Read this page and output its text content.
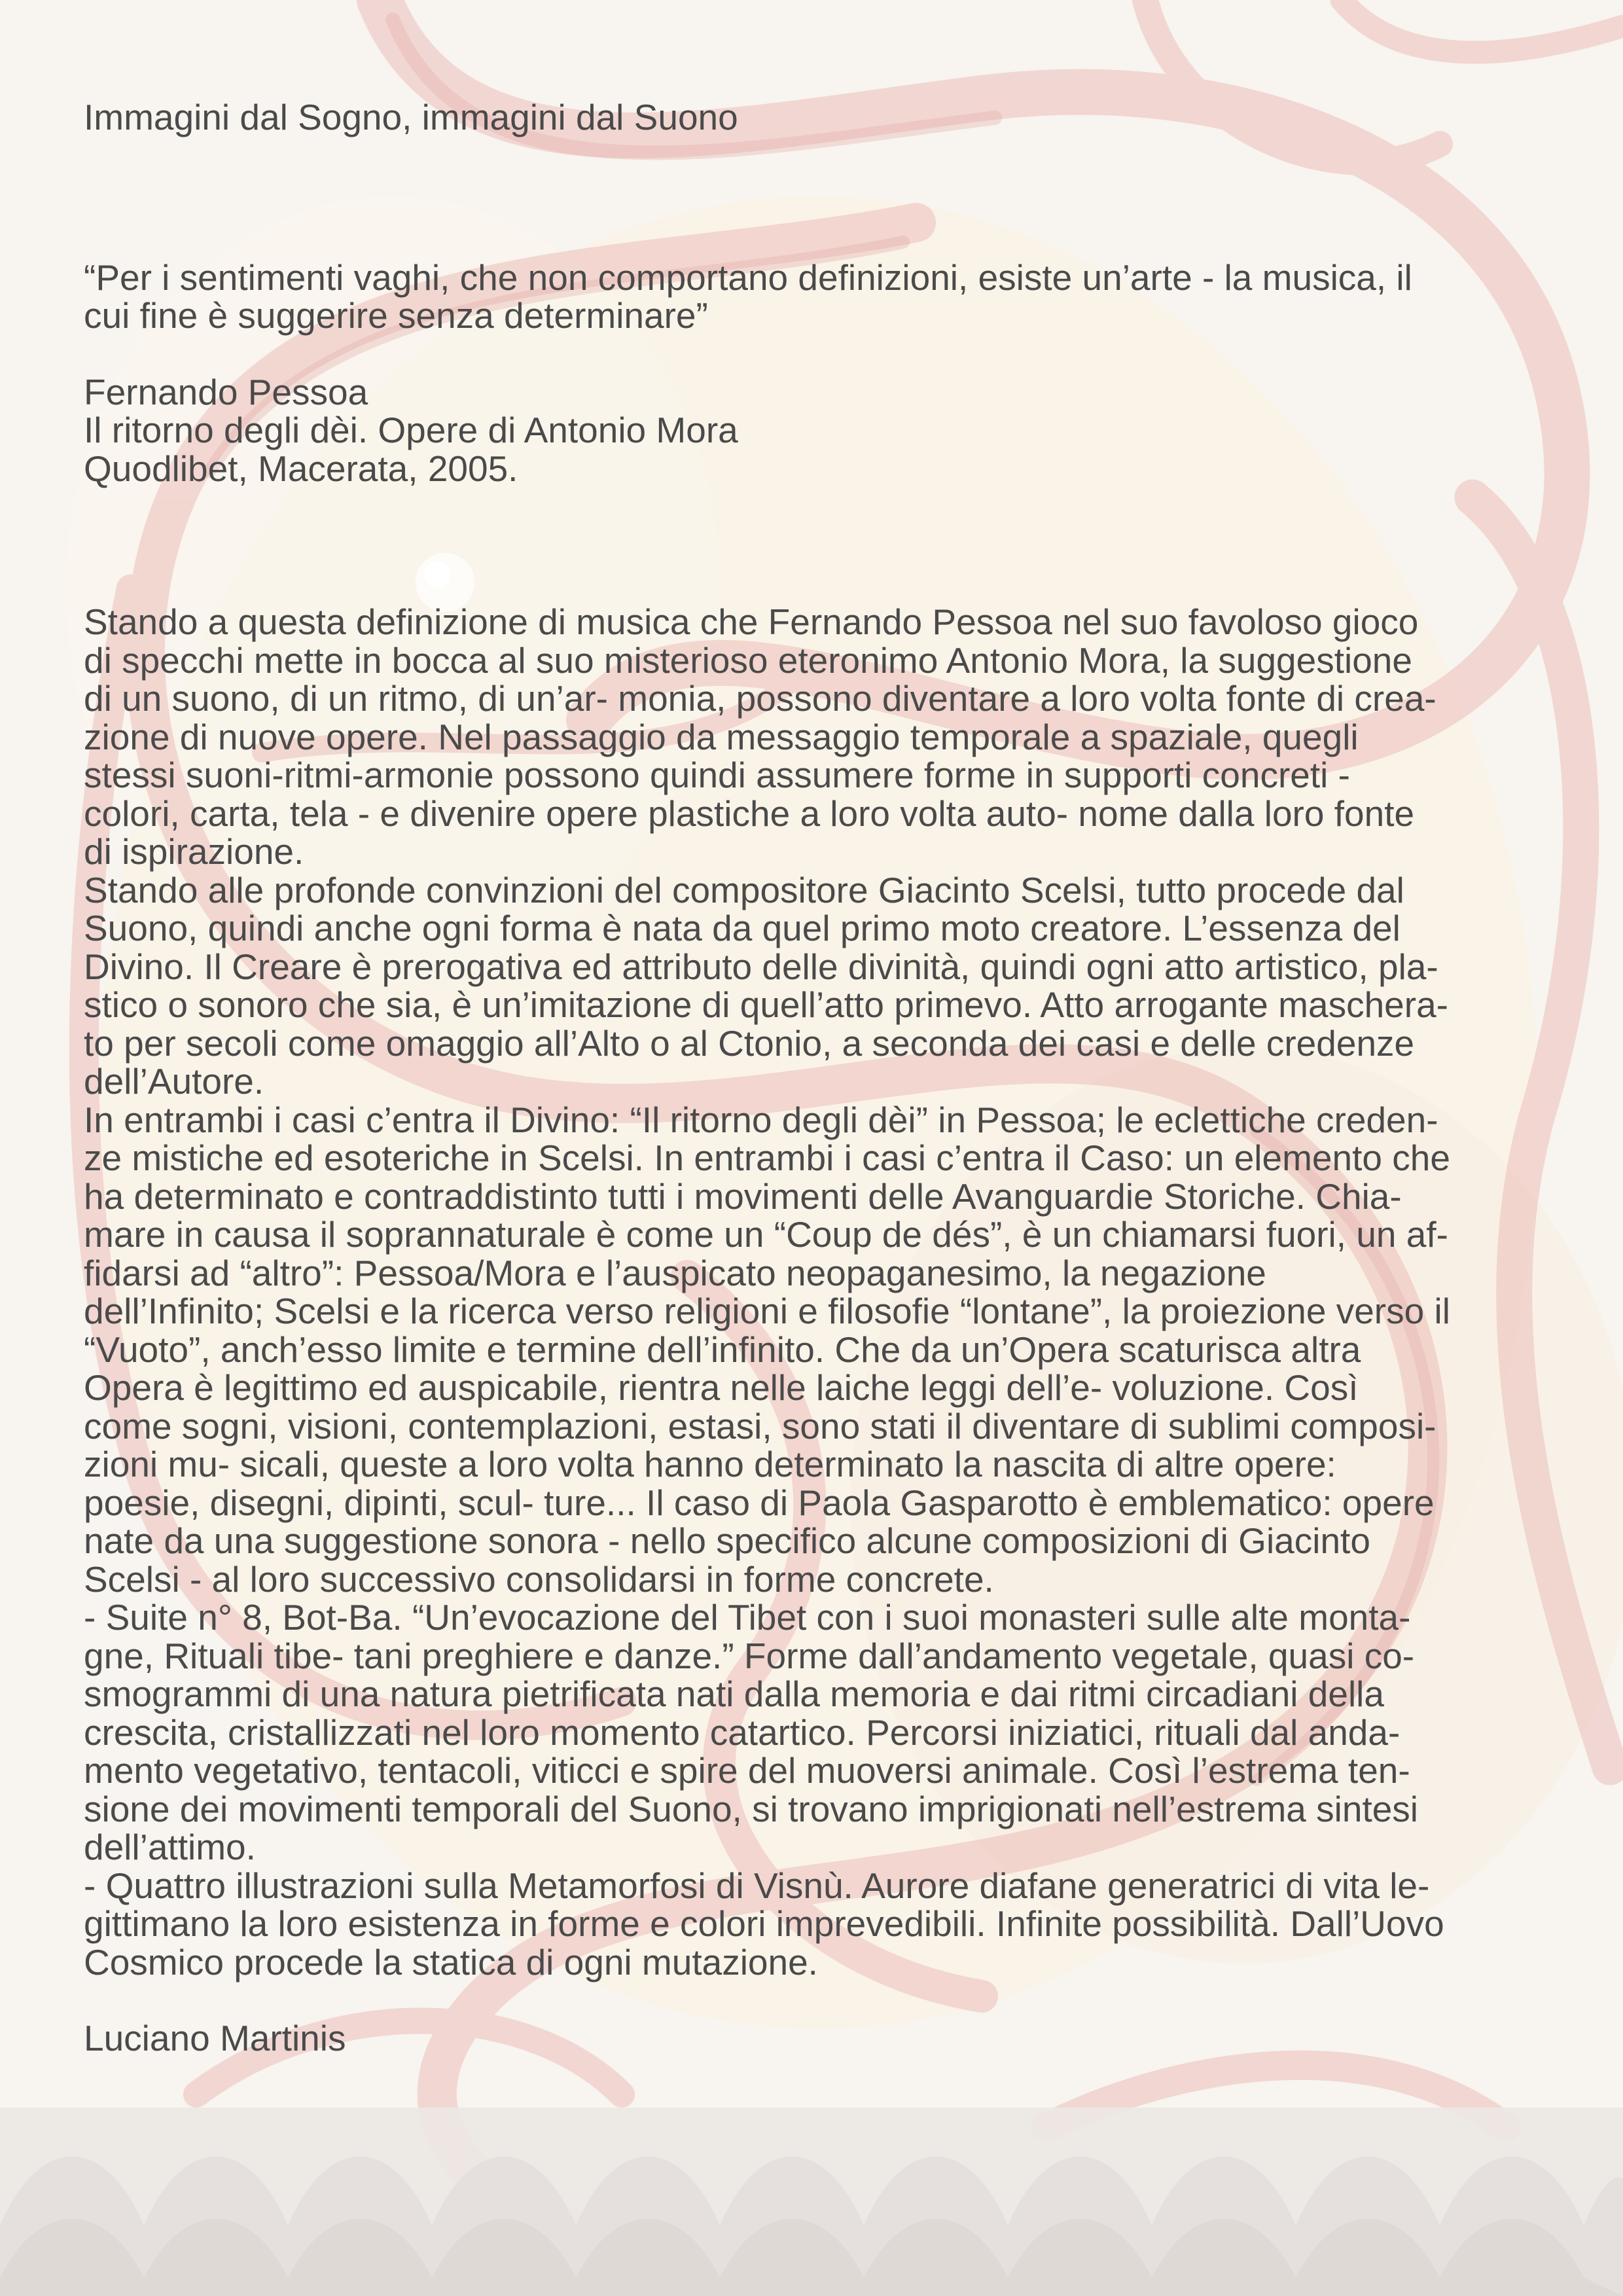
Immagini dal Sogno, immagini dal Suono

“Per i sentimenti vaghi, che non comportano definizioni, esiste un’arte - la musica, il

cui fine è suggerire senza determinare”

Fernando Pessoa

Il ritorno degli dèi. Opere di Antonio Mora

Quodlibet, Macerata, 2005.

Stando a questa definizione di musica che Fernando Pessoa nel suo favoloso gioco

di specchi mette in bocca al suo misterioso eteronimo Antonio Mora, la suggestione

di un suono, di un ritmo, di un’ar- monia, possono diventare a loro volta fonte di crea-

zione di nuove opere. Nel passaggio da messaggio temporale a spaziale, quegli

stessi suoni-ritmi-armonie possono quindi assumere forme in supporti concreti -

colori, carta, tela - e divenire opere plastiche a loro volta auto- nome dalla loro fonte

di ispirazione.

Stando alle profonde convinzioni del compositore Giacinto Scelsi, tutto procede dal

Suono, quindi anche ogni forma è nata da quel primo moto creatore. L’essenza del

Divino. Il Creare è prerogativa ed attributo delle divinità, quindi ogni atto artistico, pla-

stico o sonoro che sia, è un’imitazione di quell’atto primevo. Atto arrogante maschera-

to per secoli come omaggio all’Alto o al Ctonio, a seconda dei casi e delle credenze

dell’Autore.

In entrambi i casi c’entra il Divino: “Il ritorno degli dèi” in Pessoa; le eclettiche creden-

ze mistiche ed esoteriche in Scelsi. In entrambi i casi c’entra il Caso: un elemento che

ha determinato e contraddistinto tutti i movimenti delle Avanguardie Storiche. Chia-

mare in causa il soprannaturale è come un “Coup de dés”, è un chiamarsi fuori, un af-

fidarsi ad “altro”: Pessoa/Mora e l’auspicato neopaganesimo, la negazione

dell’Infinito; Scelsi e la ricerca verso religioni e filosofie “lontane”, la proiezione verso il

“Vuoto”, anch’esso limite e termine dell’infinito. Che da un’Opera scaturisca altra

Opera è legittimo ed auspicabile, rientra nelle laiche leggi dell’e- voluzione. Così

come sogni, visioni, contemplazioni, estasi, sono stati il diventare di sublimi composi-

zioni mu- sicali, queste a loro volta hanno determinato la nascita di altre opere:

poesie, disegni, dipinti, scul- ture... Il caso di Paola Gasparotto è emblematico: opere

nate da una suggestione sonora - nello specifico alcune composizioni di Giacinto

Scelsi - al loro successivo consolidarsi in forme concrete.

- Suite n° 8, Bot-Ba. “Un’evocazione del Tibet con i suoi monasteri sulle alte monta-

gne, Rituali tibe- tani preghiere e danze.” Forme dall’andamento vegetale, quasi co-

smogrammi di una natura pietrificata nati dalla memoria e dai ritmi circadiani della

crescita, cristallizzati nel loro momento catartico. Percorsi iniziatici, rituali dal anda-

mento vegetativo, tentacoli, viticci e spire del muoversi animale. Così l’estrema ten-

sione dei movimenti temporali del Suono, si trovano imprigionati nell’estrema sintesi

dell’attimo.

- Quattro illustrazioni sulla Metamorfosi di Visnù. Aurore diafane generatrici di vita le-

gittimano la loro esistenza in forme e colori imprevedibili. Infinite possibilità. Dall’Uovo

Cosmico procede la statica di ogni mutazione.

Luciano Martinis
